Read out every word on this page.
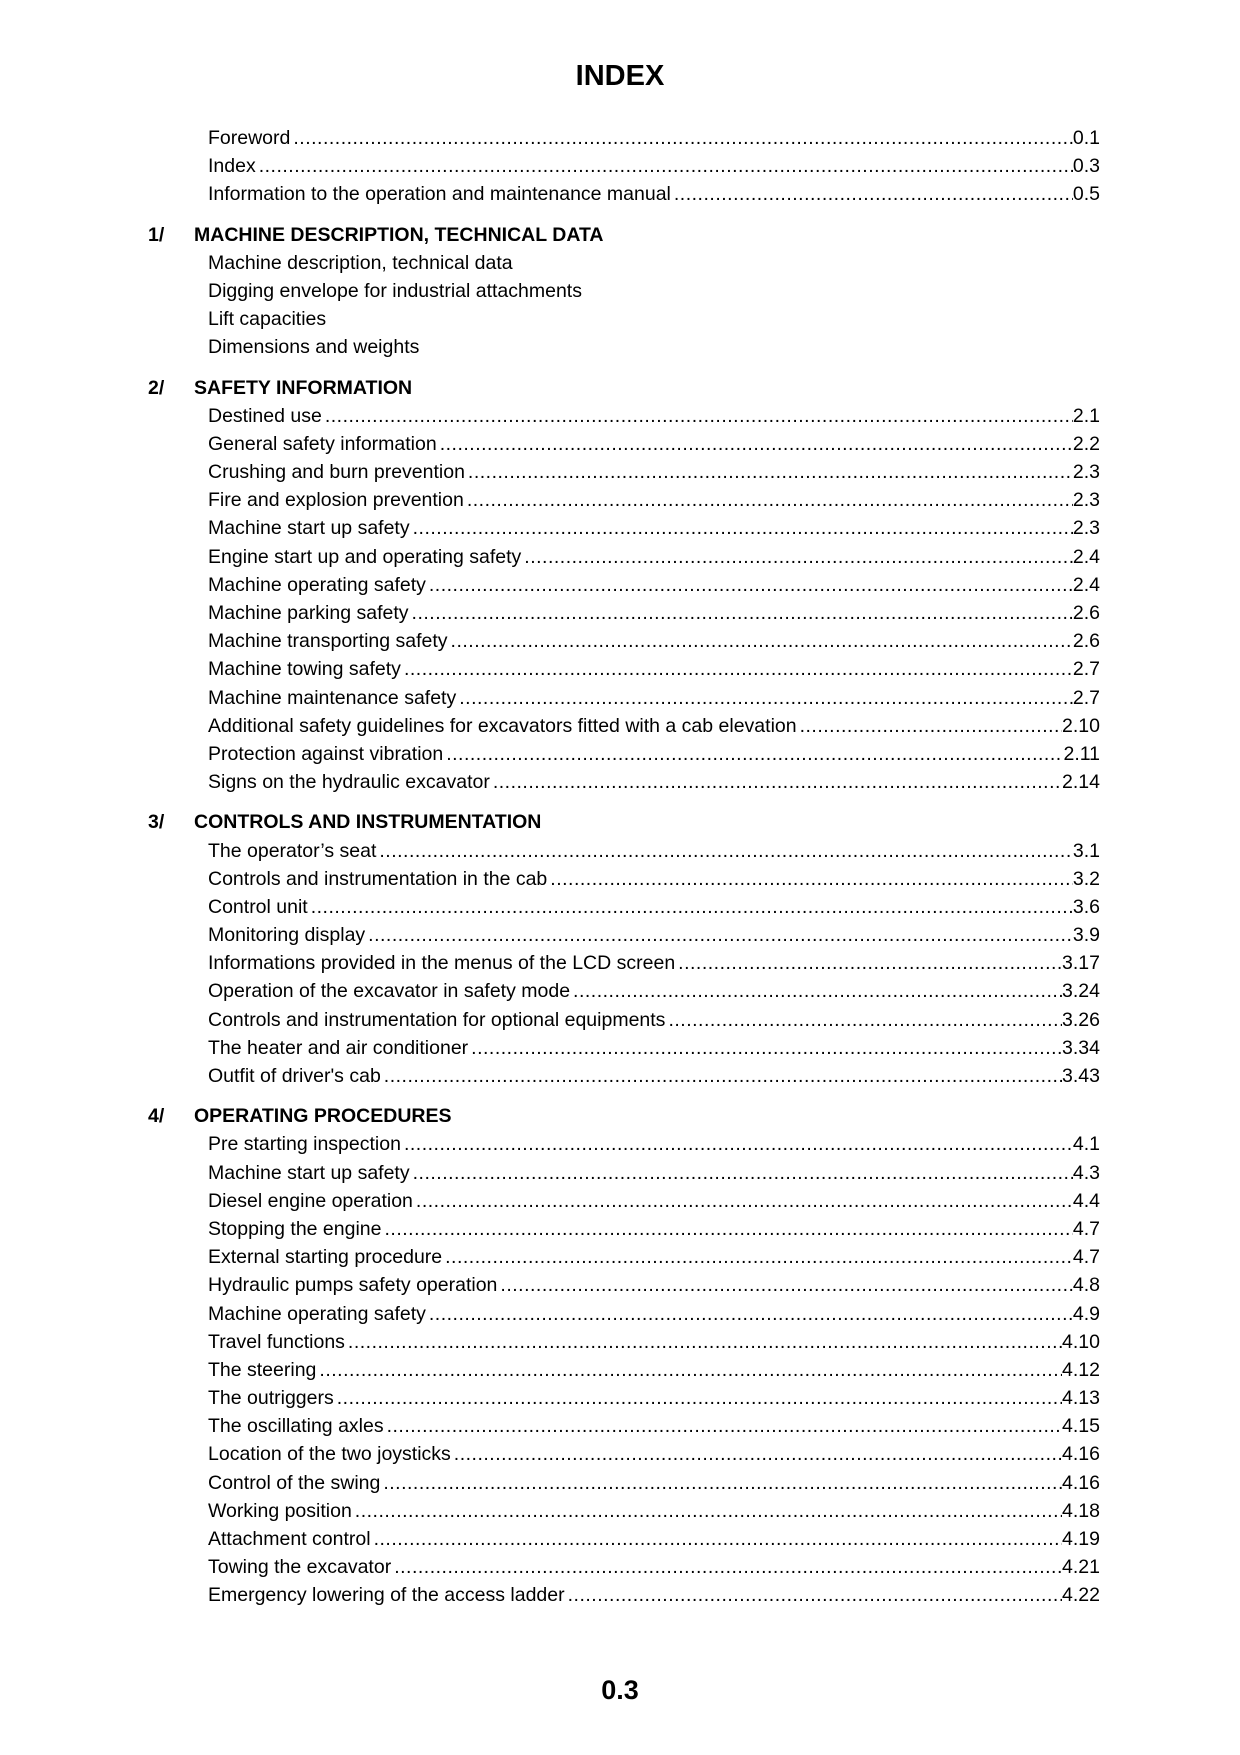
INDEX
Foreword .....	0.1
Index .....	0.3
Information to the operation and maintenance manual .....	0.5
1/ MACHINE DESCRIPTION, TECHNICAL DATA
Machine description, technical data
Digging envelope for industrial attachments
Lift capacities
Dimensions and weights
2/ SAFETY INFORMATION
Destined use .....	2.1
General safety information .....	2.2
Crushing and burn prevention .....	2.3
Fire and explosion prevention .....	2.3
Machine start up safety .....	2.3
Engine start up and operating safety .....	2.4
Machine operating safety .....	2.4
Machine parking safety .....	2.6
Machine transporting safety .....	2.6
Machine towing safety .....	2.7
Machine maintenance safety .....	2.7
Additional safety guidelines for excavators fitted with a cab elevation .....	2.10
Protection against vibration .....	2.11
Signs on the hydraulic excavator .....	2.14
3/ CONTROLS AND INSTRUMENTATION
The operator’s seat .....	3.1
Controls and instrumentation in the cab .....	3.2
Control unit .....	3.6
Monitoring display .....	3.9
Informations provided in the menus of the LCD screen .....	3.17
Operation of the excavator in safety mode .....	3.24
Controls and instrumentation for optional equipments .....	3.26
The heater and air conditioner .....	3.34
Outfit of driver's cab .....	3.43
4/ OPERATING PROCEDURES
Pre starting inspection .....	4.1
Machine start up safety .....	4.3
Diesel engine operation .....	4.4
Stopping the engine .....	4.7
External starting procedure .....	4.7
Hydraulic pumps safety operation .....	4.8
Machine operating safety .....	4.9
Travel functions .....	4.10
The steering .....	4.12
The outriggers .....	4.13
The oscillating axles .....	4.15
Location of the two joysticks .....	4.16
Control of the swing .....	4.16
Working position .....	4.18
Attachment control .....	4.19
Towing the excavator .....	4.21
Emergency lowering of the access ladder .....	4.22
0.3
